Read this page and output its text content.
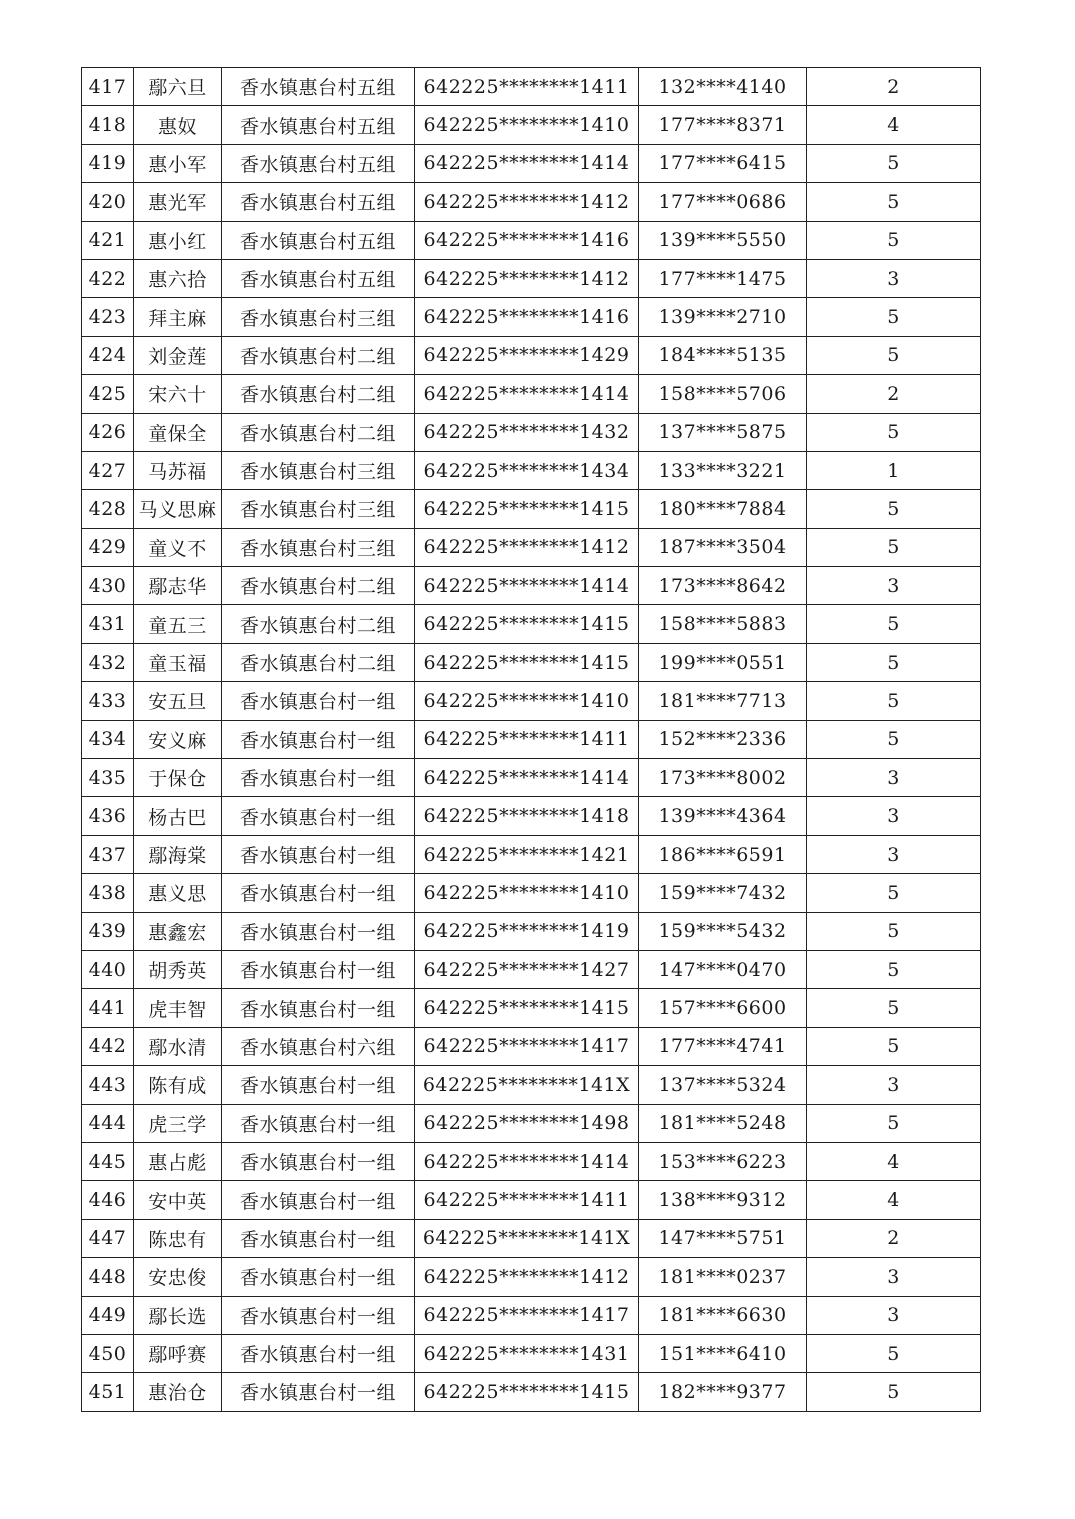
417	鄢六旦	香水镇惠台村五组	642225********1411	132****4140	2
418	惠奴	香水镇惠台村五组	642225********1410	177****8371	4
419	惠小军	香水镇惠台村五组	642225********1414	177****6415	5
420	惠光军	香水镇惠台村五组	642225********1412	177****0686	5
421	惠小红	香水镇惠台村五组	642225********1416	139****5550	5
422	惠六拾	香水镇惠台村五组	642225********1412	177****1475	3
423	拜主麻	香水镇惠台村三组	642225********1416	139****2710	5
424	刘金莲	香水镇惠台村二组	642225********1429	184****5135	5
425	宋六十	香水镇惠台村二组	642225********1414	158****5706	2
426	童保全	香水镇惠台村二组	642225********1432	137****5875	5
427	马苏福	香水镇惠台村三组	642225********1434	133****3221	1
428	马义思麻	香水镇惠台村三组	642225********1415	180****7884	5
429	童义不	香水镇惠台村三组	642225********1412	187****3504	5
430	鄢志华	香水镇惠台村二组	642225********1414	173****8642	3
431	童五三	香水镇惠台村二组	642225********1415	158****5883	5
432	童玉福	香水镇惠台村二组	642225********1415	199****0551	5
433	安五旦	香水镇惠台村一组	642225********1410	181****7713	5
434	安义麻	香水镇惠台村一组	642225********1411	152****2336	5
435	于保仓	香水镇惠台村一组	642225********1414	173****8002	3
436	杨古巴	香水镇惠台村一组	642225********1418	139****4364	3
437	鄢海棠	香水镇惠台村一组	642225********1421	186****6591	3
438	惠义思	香水镇惠台村一组	642225********1410	159****7432	5
439	惠鑫宏	香水镇惠台村一组	642225********1419	159****5432	5
440	胡秀英	香水镇惠台村一组	642225********1427	147****0470	5
441	虎丰智	香水镇惠台村一组	642225********1415	157****6600	5
442	鄢水清	香水镇惠台村六组	642225********1417	177****4741	5
443	陈有成	香水镇惠台村一组	642225********141X	137****5324	3
444	虎三学	香水镇惠台村一组	642225********1498	181****5248	5
445	惠占彪	香水镇惠台村一组	642225********1414	153****6223	4
446	安中英	香水镇惠台村一组	642225********1411	138****9312	4
447	陈忠有	香水镇惠台村一组	642225********141X	147****5751	2
448	安忠俊	香水镇惠台村一组	642225********1412	181****0237	3
449	鄢长选	香水镇惠台村一组	642225********1417	181****6630	3
450	鄢呼赛	香水镇惠台村一组	642225********1431	151****6410	5
451	惠治仓	香水镇惠台村一组	642225********1415	182****9377	5
